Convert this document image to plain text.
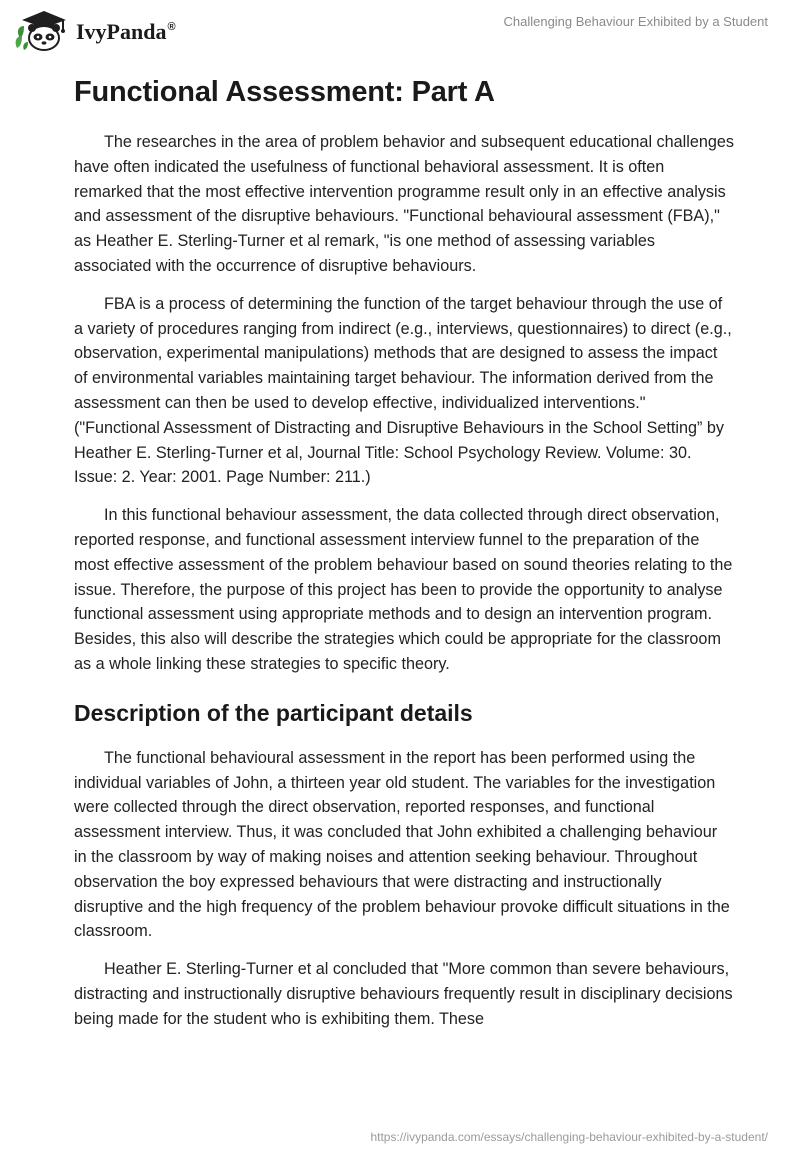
IvyPanda®	Challenging Behaviour Exhibited by a Student
Functional Assessment: Part A

The researches in the area of problem behavior and subsequent educational challenges have often indicated the usefulness of functional behavioral assessment. It is often remarked that the most effective intervention programme result only in an effective analysis and assessment of the disruptive behaviours. "Functional behavioural assessment (FBA)," as Heather E. Sterling-Turner et al remark, "is one method of assessing variables associated with the occurrence of disruptive behaviours.

FBA is a process of determining the function of the target behaviour through the use of a variety of procedures ranging from indirect (e.g., interviews, questionnaires) to direct (e.g., observation, experimental manipulations) methods that are designed to assess the impact of environmental variables maintaining target behaviour. The information derived from the assessment can then be used to develop effective, individualized interventions." ("Functional Assessment of Distracting and Disruptive Behaviours in the School Setting” by Heather E. Sterling-Turner et al, Journal Title: School Psychology Review. Volume: 30. Issue: 2. Year: 2001. Page Number: 211.)

In this functional behaviour assessment, the data collected through direct observation, reported response, and functional assessment interview funnel to the preparation of the most effective assessment of the problem behaviour based on sound theories relating to the issue. Therefore, the purpose of this project has been to provide the opportunity to analyse functional assessment using appropriate methods and to design an intervention program. Besides, this also will describe the strategies which could be appropriate for the classroom as a whole linking these strategies to specific theory.

Description of the participant details

The functional behavioural assessment in the report has been performed using the individual variables of John, a thirteen year old student. The variables for the investigation were collected through the direct observation, reported responses, and functional assessment interview. Thus, it was concluded that John exhibited a challenging behaviour in the classroom by way of making noises and attention seeking behaviour. Throughout observation the boy expressed behaviours that were distracting and instructionally disruptive and the high frequency of the problem behaviour provoke difficult situations in the classroom.

Heather E. Sterling-Turner et al concluded that "More common than severe behaviours, distracting and instructionally disruptive behaviours frequently result in disciplinary decisions being made for the student who is exhibiting them. These

https://ivypanda.com/essays/challenging-behaviour-exhibited-by-a-student/
